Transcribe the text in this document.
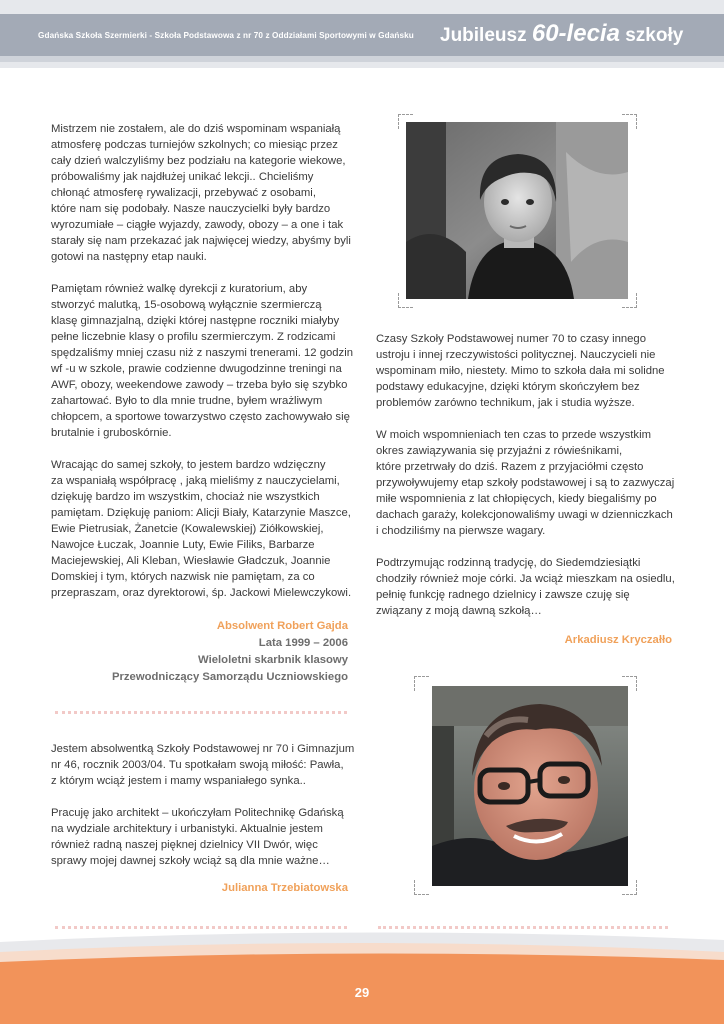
Gdańska Szkoła Szermierki - Szkoła Podstawowa z nr 70 z Oddziałami Sportowymi w Gdańsku Jubileusz 60-lecia szkoły

Mistrzem nie zostałem, ale do dziś wspominam wspaniałą
atmosferę podczas turniejów szkolnych; co miesiąc przez
cały dzień walczyliśmy bez podziału na kategorie wiekowe,
próbowaliśmy jak najdłużej unikać lekcji.. Chcieliśmy
chłonąć atmosferę rywalizacji, przebywać z osobami,
które nam się podobały. Nasze nauczycielki były bardzo
wyrozumiałe – ciągłe wyjazdy, zawody, obozy – a one i tak
starały się nam przekazać jak najwięcej wiedzy, abyśmy byli
gotowi na następny etap nauki.

Pamiętam również walkę dyrekcji z kuratorium, aby
stworzyć malutką, 15-osobową wyłącznie szermierczą
klasę gimnazjalną, dzięki której następne roczniki miałyby
pełne liczebnie klasy o profilu szermierczym. Z rodzicami
spędzaliśmy mniej czasu niż z naszymi trenerami. 12 godzin
wf -u w szkole, prawie codzienne dwugodzinne treningi na
AWF, obozy, weekendowe zawody – trzeba było się szybko
zahartować. Było to dla mnie trudne, byłem wrażliwym
chłopcem, a sportowe towarzystwo często zachowywało się
brutalnie i gruboskórnie.

Wracając do samej szkoły, to jestem bardzo wdzięczny
za wspaniałą współpracę , jaką mieliśmy z nauczycielami,
dziękuję bardzo im wszystkim, chociaż nie wszystkich
pamiętam. Dziękuję paniom: Alicji Biały, Katarzynie Maszce,
Ewie Pietrusiak, Żanetcie (Kowalewskiej) Ziółkowskiej,
Nawojce Łuczak, Joannie Luty, Ewie Filiks, Barbarze
Maciejewskiej, Ali Kleban, Wiesławie Gładczuk, Joannie
Domskiej i tym, których nazwisk nie pamiętam, za co
przepraszam, oraz dyrektorowi, śp. Jackowi Mielewczykowi.

Absolwent Robert Gajda
Lata 1999 – 2006
Wieloletni skarbnik klasowy
Przewodniczący Samorządu Uczniowskiego

Jestem absolwentką Szkoły Podstawowej nr 70 i Gimnazjum
nr 46, rocznik 2003/04. Tu spotkałam swoją miłość: Pawła,
z którym wciąż jestem i mamy wspaniałego synka..

Pracuję jako architekt – ukończyłam Politechnikę Gdańską
na wydziale architektury i urbanistyki. Aktualnie jestem
również radną naszej pięknej dzielnicy VII Dwór, więc
sprawy mojej dawnej szkoły wciąż są dla mnie ważne…

Julianna Trzebiatowska

Czasy Szkoły Podstawowej numer 70 to czasy innego
ustroju i innej rzeczywistości politycznej. Nauczycieli nie
wspominam miło, niestety. Mimo to szkoła dała mi solidne
podstawy edukacyjne, dzięki którym skończyłem bez
problemów zarówno technikum, jak i studia wyższe.

W moich wspomnieniach ten czas to przede wszystkim
okres zawiązywania się przyjaźni z rówieśnikami,
które przetrwały do dziś. Razem z przyjaciółmi często
przywoływujemy etap szkoły podstawowej i są to zazwyczaj
miłe wspomnienia z lat chłopięcych, kiedy biegaliśmy po
dachach garaży, kolekcjonowaliśmy uwagi w dzienniczkach
i chodziliśmy na pierwsze wagary.

Podtrzymując rodzinną tradycję, do Siedemdziesiątki
chodziły również moje córki. Ja wciąż mieszkam na osiedlu,
pełnię funkcję radnego dzielnicy i zawsze czuję się
związany z moją dawną szkołą…

Arkadiusz Kryczałło
29
